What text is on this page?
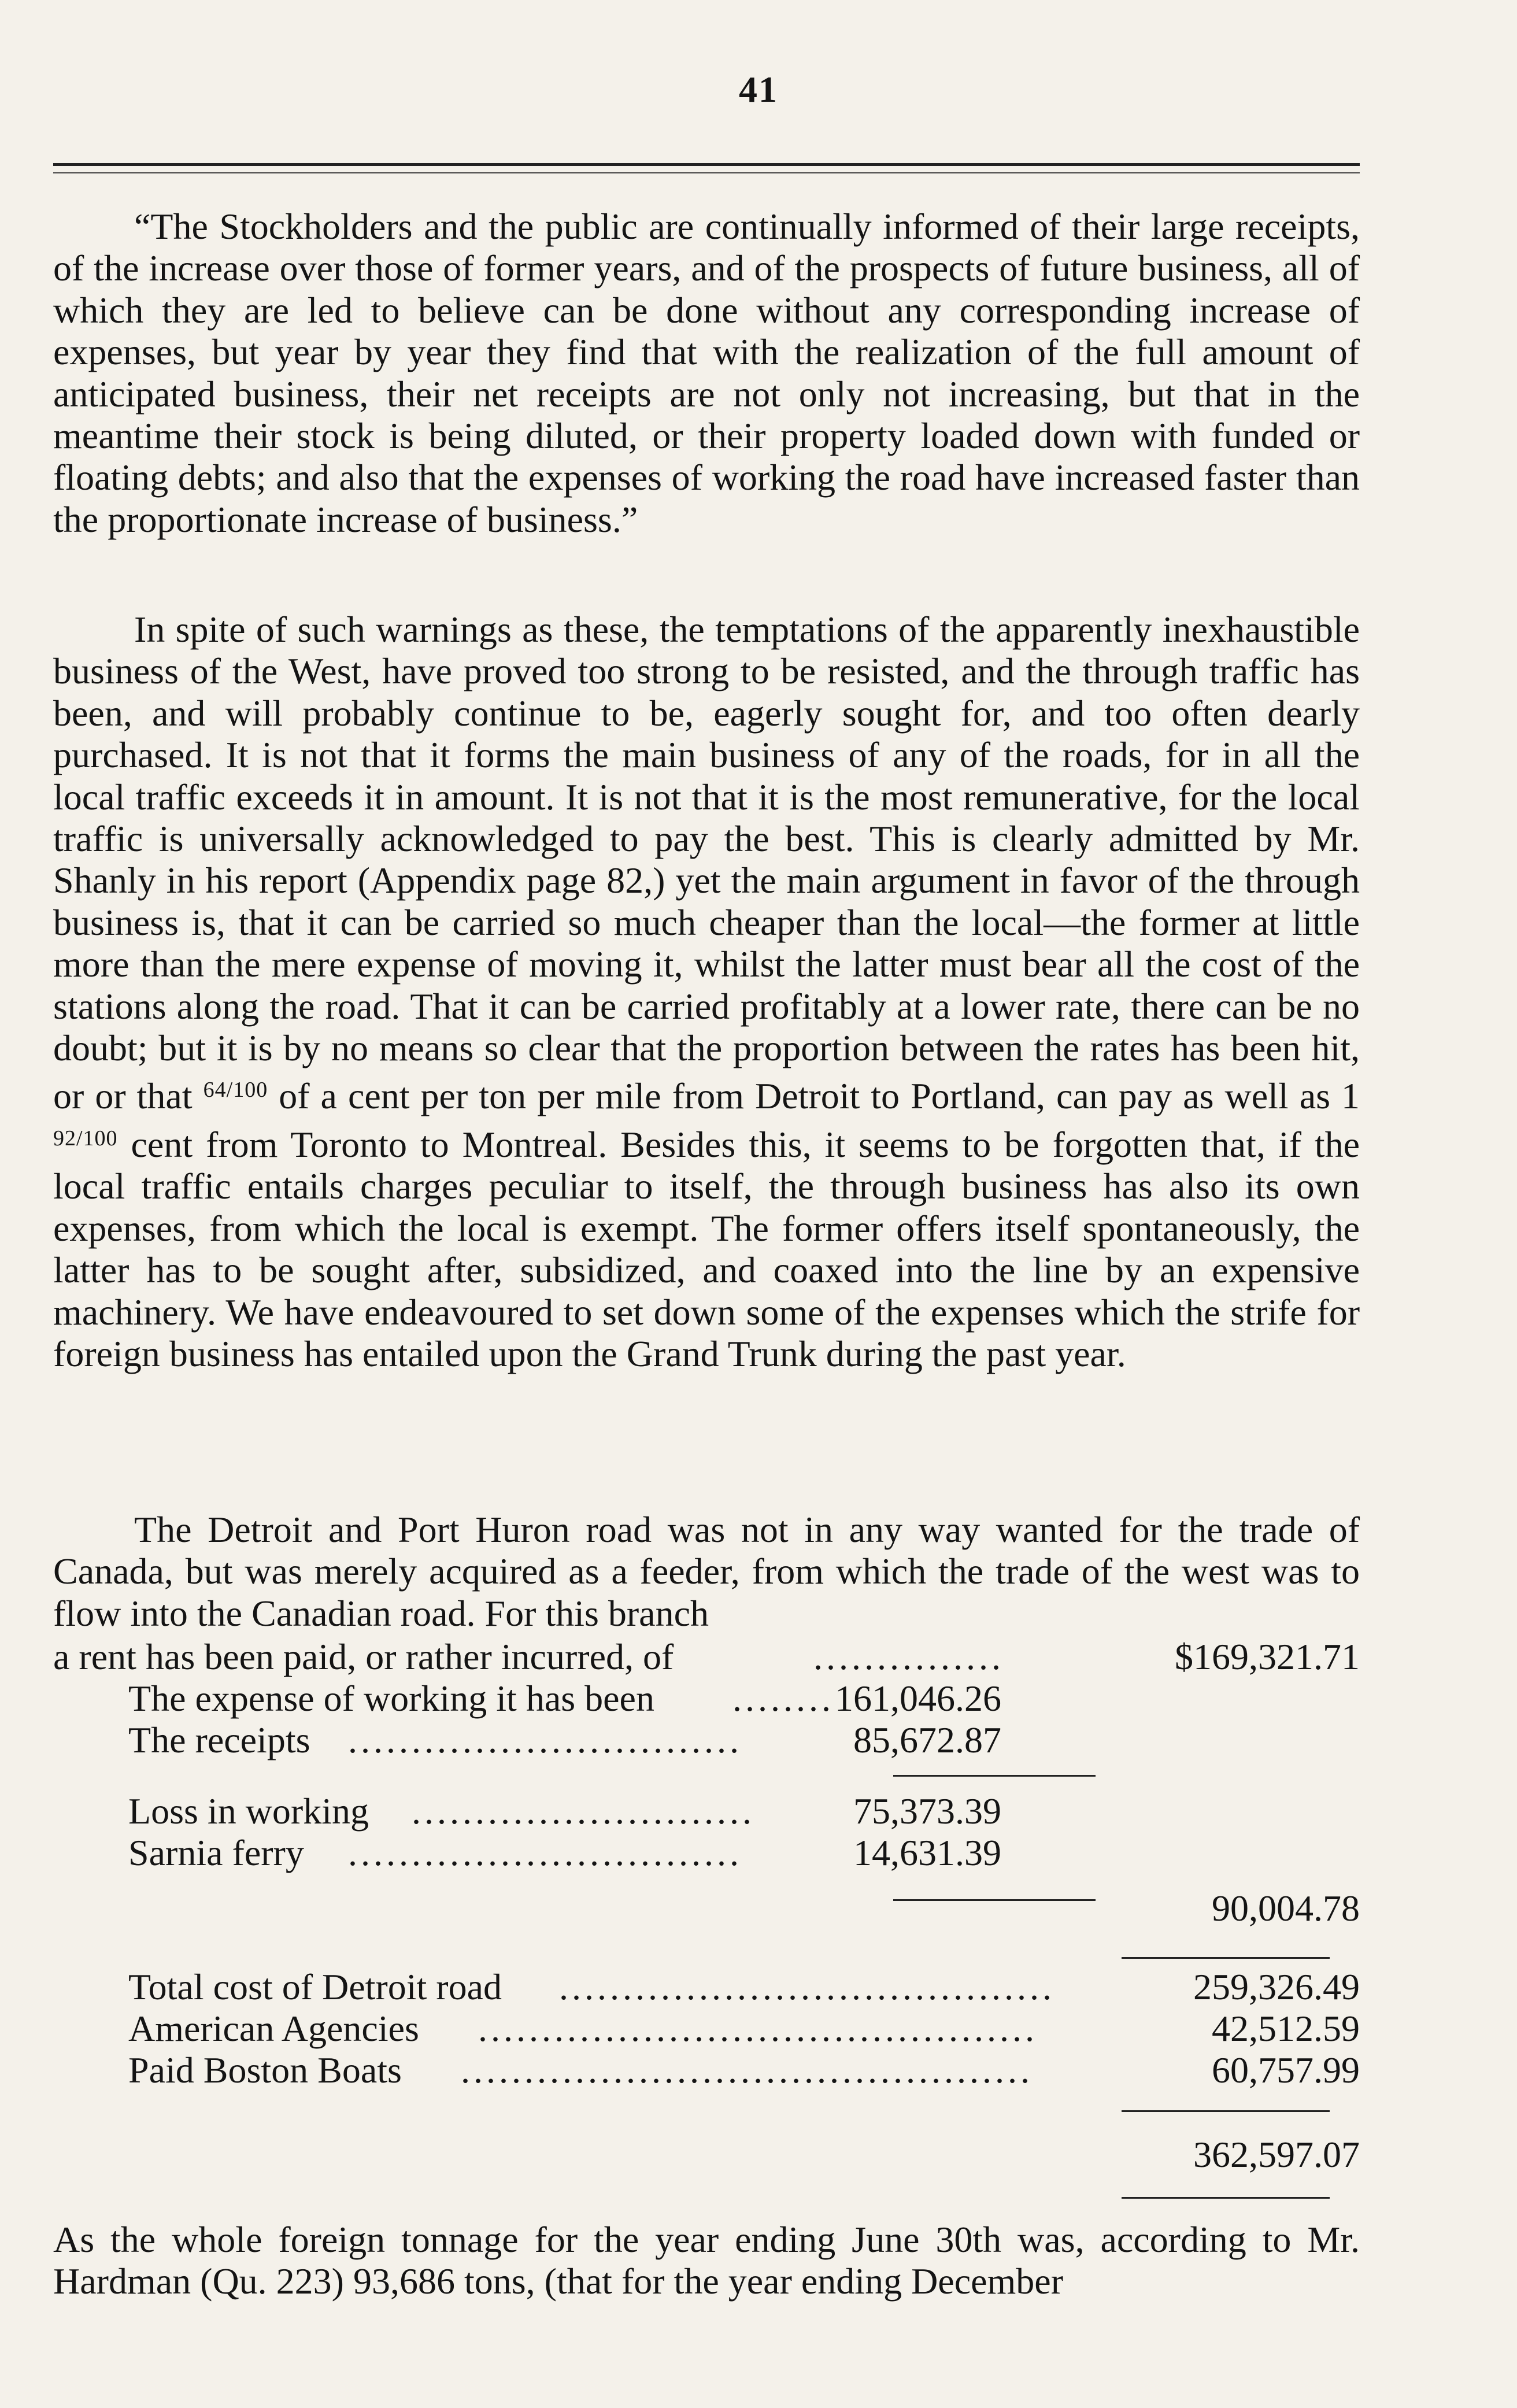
41

“The Stockholders and the public are continually informed of their large receipts, of the increase over those of former years, and of the prospects of future business, all of which they are led to believe can be done without any corresponding increase of expenses, but year by year they find that with the realization of the full amount of anticipated business, their net receipts are not only not increasing, but that in the meantime their stock is being diluted, or their property loaded down with funded or floating debts; and also that the expenses of working the road have increased faster than the proportionate increase of business.”

In spite of such warnings as these, the temptations of the apparently inexhaustible business of the West, have proved too strong to be resisted, and the through traffic has been, and will probably continue to be, eagerly sought for, and too often dearly purchased. It is not that it forms the main business of any of the roads, for in all the local traffic exceeds it in amount. It is not that it is the most remunerative, for the local traffic is universally acknowledged to pay the best. This is clearly admitted by Mr. Shanly in his report (Appendix page 82,) yet the main argument in favor of the through business is, that it can be carried so much cheaper than the local—the former at little more than the mere expense of moving it, whilst the latter must bear all the cost of the stations along the road. That it can be carried profitably at a lower rate, there can be no doubt; but it is by no means so clear that the proportion between the rates has been hit, or or that $^{64/100}$ of a cent per ton per mile from Detroit to Portland, can pay as well as 1 $^{92/100}$ cent from Toronto to Montreal. Besides this, it seems to be forgotten that, if the local traffic entails charges peculiar to itself, the through business has also its own expenses, from which the local is exempt. The former offers itself spontaneously, the latter has to be sought after, subsidized, and coaxed into the line by an expensive machinery. We have endeavoured to set down some of the expenses which the strife for foreign business has entailed upon the Grand Trunk during the past year.

The Detroit and Port Huron road was not in any way wanted for the trade of Canada, but was merely acquired as a feeder, from which the trade of the west was to flow into the Canadian road. For this branch

a rent has been paid, or rather incurred, of	...............	$169,321.71
The expense of working it has been ........ 161,046.26
The receipts ...............................	85,672.87
Loss in working ...........................	75,373.39
Sarnia ferry ...............................	14,631.39
90,004.78
Total cost of Detroit road .......................................	259,326.49
American Agencies ............................................	42,512.59
Paid Boston Boats .............................................	60,757.99
362,597.07

As the whole foreign tonnage for the year ending June 30th was, according to Mr. Hardman (Qu. 223) 93,686 tons, (that for the year ending December
